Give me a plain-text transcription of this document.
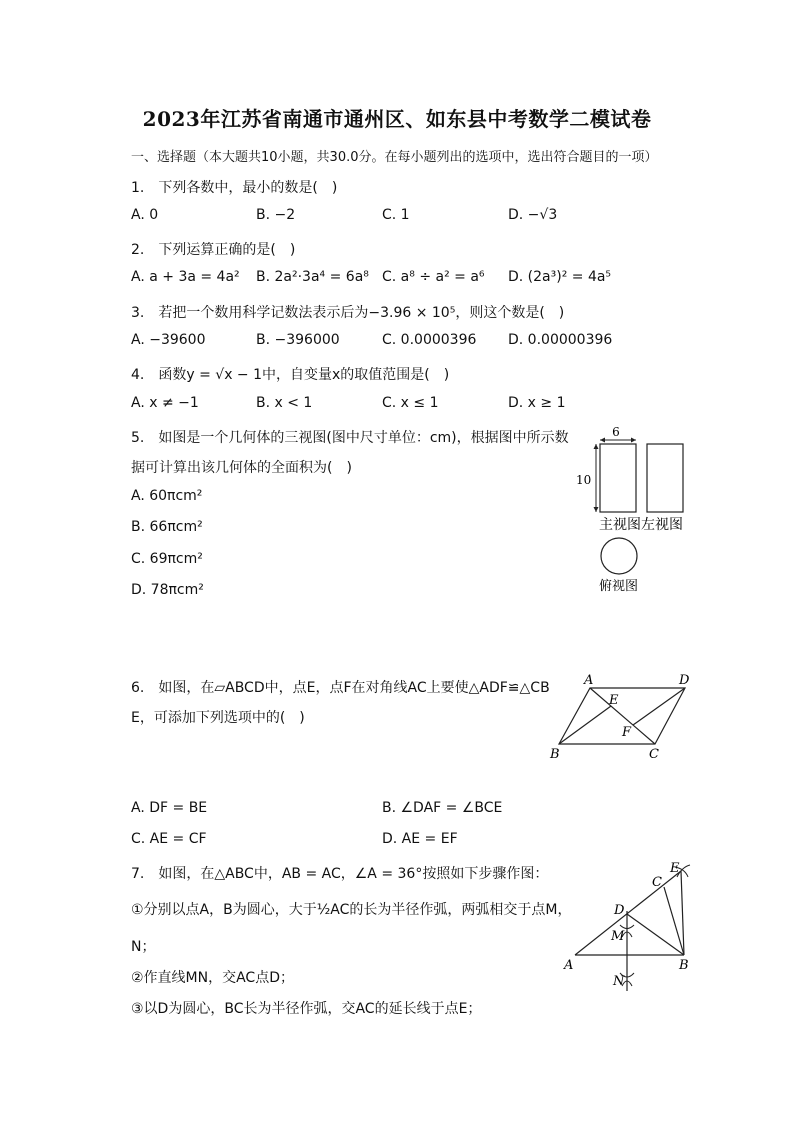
2023年江苏省南通市通州区、如东县中考数学二模试卷
一、选择题（本大题共10小题，共30.0分。在每小题列出的选项中，选出符合题目的一项）
1.　下列各数中，最小的数是(　)
A. 0	B. −2	C. 1	D. −√3
2.　下列运算正确的是(　)
A. a + 3a = 4a² B. 2a²·3a⁴ = 6a⁸ C. a⁸ ÷ a² = a⁶ D. (2a³)² = 4a⁵
3.　若把一个数用科学记数法表示后为−3.96 × 10⁵，则这个数是(　)
A. −39600	B. −396000	C. 0.0000396 D. 0.00000396
4.　函数y = √x − 1中，自变量x的取值范围是(　)
A. x ≠ −1	B. x < 1	C. x ≤ 1	D. x ≥ 1
5.　如图是一个几何体的三视图(图中尺寸单位：cm)，根据图中所示数
据可计算出该几何体的全面积为(　)
A. 60πcm²
B. 66πcm²
C. 69πcm²
D. 78πcm²
6
10
主视图左视图
俯视图
6.　如图，在▱ABCD中，点E，点F在对角线AC上要使△ADF≌△CB
E，可添加下列选项中的(　)
A. DF = BE	B. ∠DAF = ∠BCE
C. AE = CF	D. AE = EF
A	D
E
F
B	C
7.　如图，在△ABC中，AB = AC，∠A = 36°按照如下步骤作图：
①分别以点A，B为圆心，大于½AC的长为半径作弧，两弧相交于点M，
N；
②作直线MN，交AC点D；
③以D为圆心，BC长为半径作弧，交AC的延长线于点E；
A	B
C
D
E
M
N
